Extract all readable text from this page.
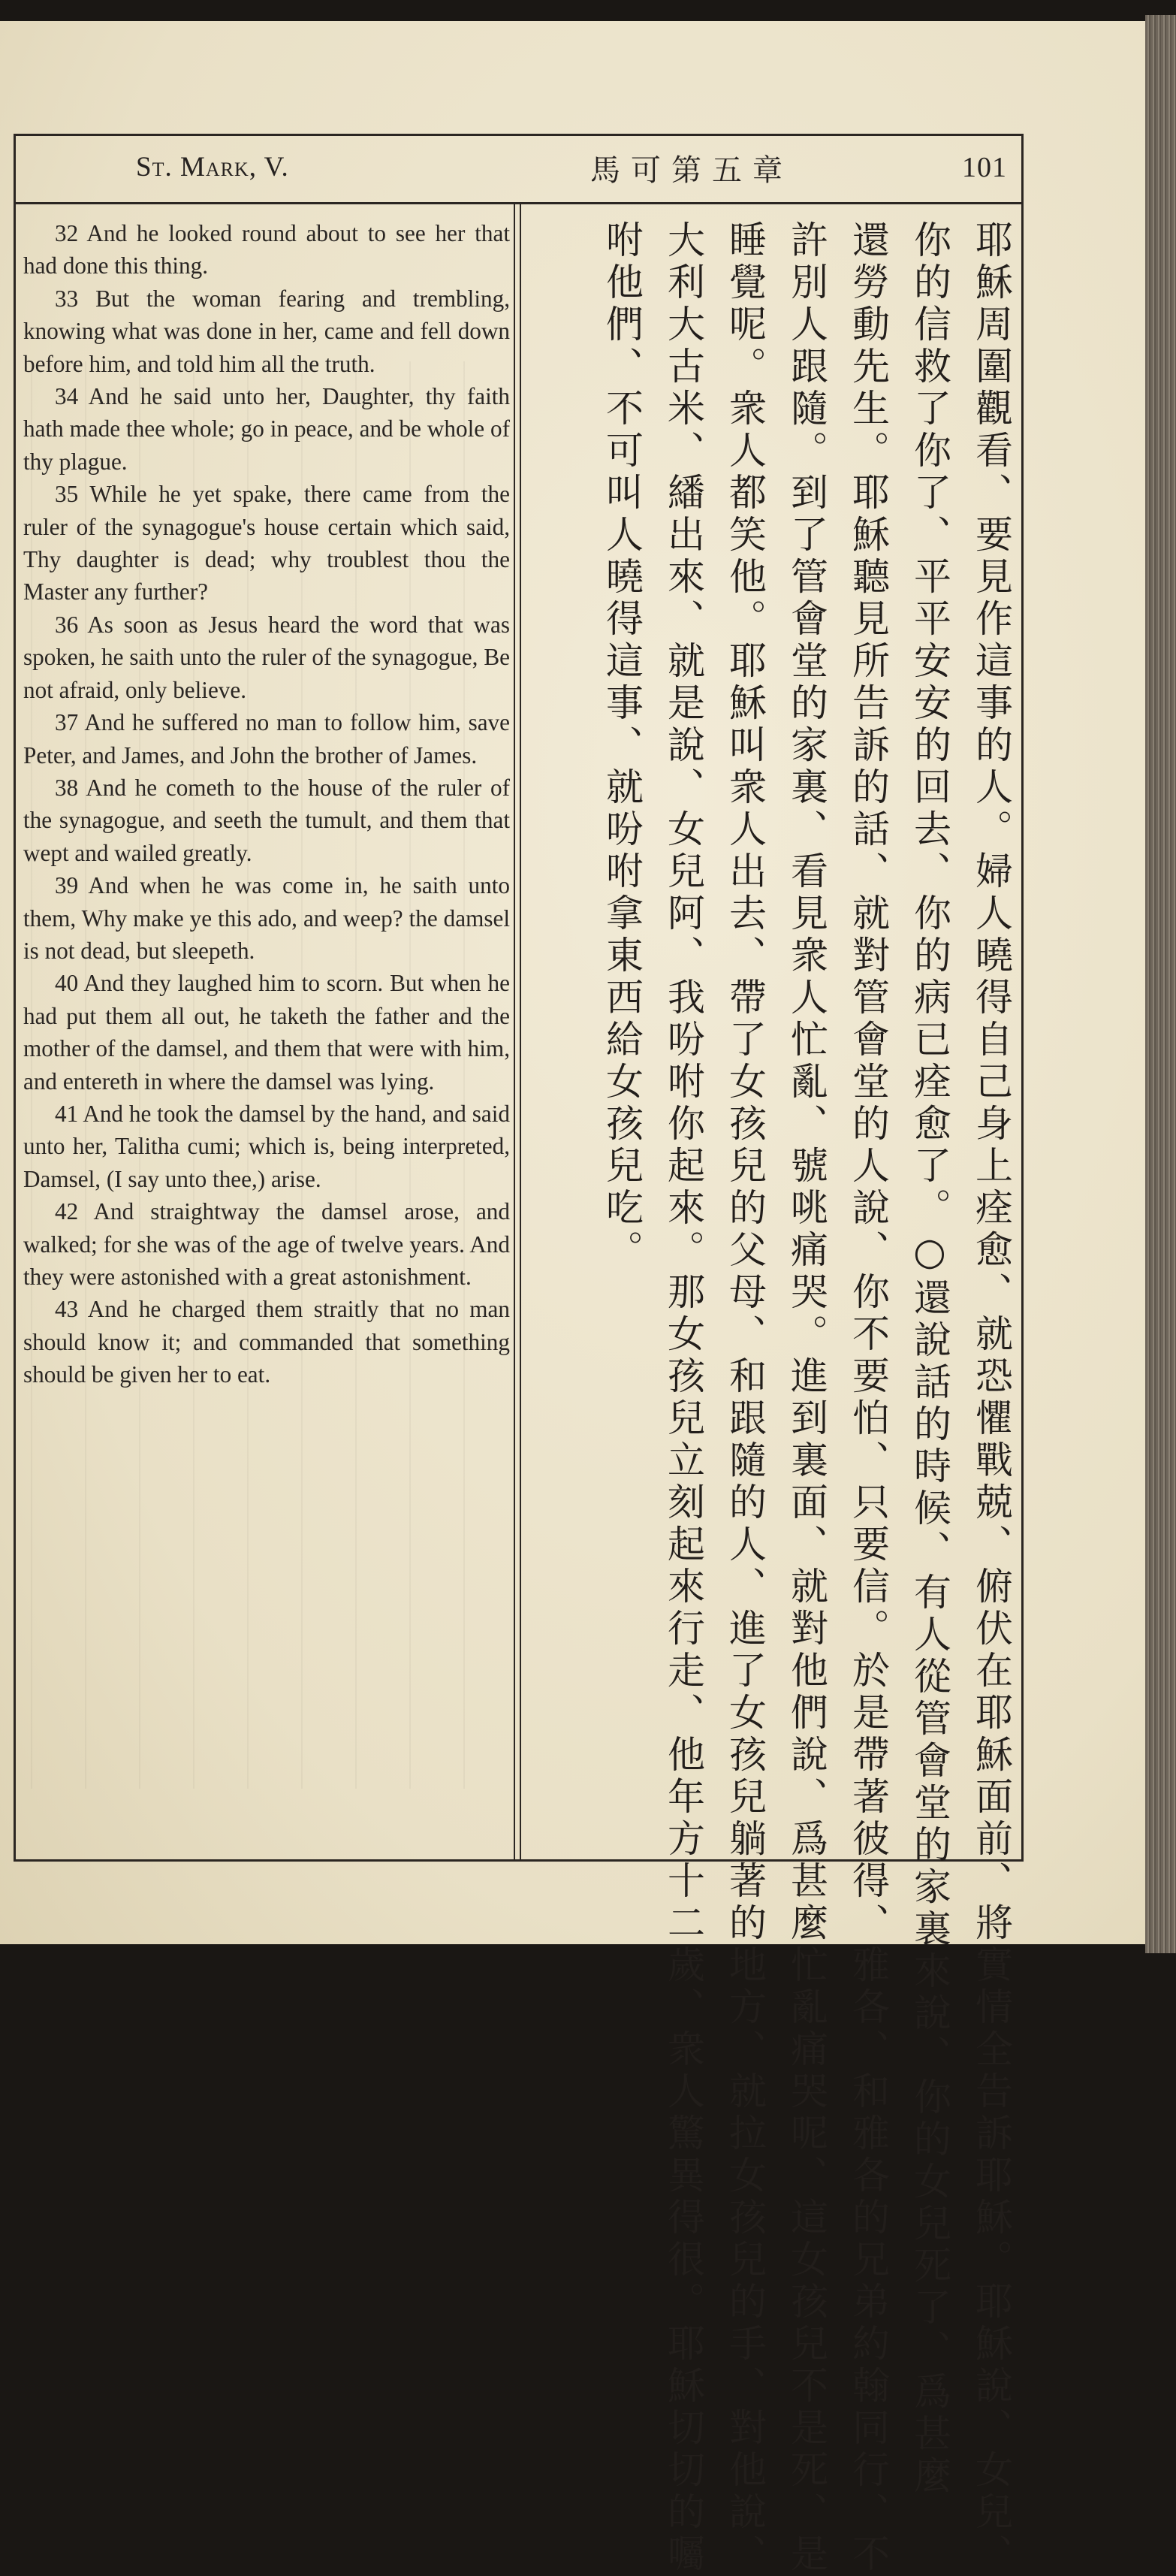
St. Mark, V.	馬可第五章	101

32 And he looked round about to see her that had done this thing.

33 But the woman fearing and trembling, knowing what was done in her, came and fell down before him, and told him all the truth.

34 And he said unto her, Daughter, thy faith hath made thee whole; go in peace, and be whole of thy plague.

35 While he yet spake, there came from the ruler of the synagogue's house certain which said, Thy daughter is dead; why troublest thou the Master any further?

36 As soon as Jesus heard the word that was spoken, he saith unto the ruler of the synagogue, Be not afraid, only believe.

37 And he suffered no man to follow him, save Peter, and James, and John the brother of James.

38 And he cometh to the house of the ruler of the synagogue, and seeth the tumult, and them that wept and wailed greatly.

39 And when he was come in, he saith unto them, Why make ye this ado, and weep? the damsel is not dead, but sleepeth.

40 And they laughed him to scorn. But when he had put them all out, he taketh the father and the mother of the damsel, and them that were with him, and entereth in where the damsel was lying.

41 And he took the damsel by the hand, and said unto her, Talitha cumi; which is, being interpreted, Damsel, (I say unto thee,) arise.

42 And straightway the damsel arose, and walked; for she was of the age of twelve years. And they were astonished with a great astonishment.

43 And he charged them straitly that no man should know it; and commanded that something should be given her to eat.	耶穌周圍觀看、要見作這事的人。婦人曉得自己身上痊愈、就恐懼戰兢、俯伏在耶穌面前、將實情全告訴耶穌。耶穌說、女兒、
你的信救了你了、平平安安的回去、你的病已痊愈了。○還說話的時候、有人從管會堂的家裏來說、你的女兒死了、爲甚麼
還勞動先生。耶穌聽見所告訴的話、就對管會堂的人說、你不要怕、只要信。於是帶著彼得、雅各、和雅各的兄弟約翰同行、不
許別人跟隨。到了管會堂的家裏、看見衆人忙亂、號咷痛哭。進到裏面、就對他們說、爲甚麼忙亂痛哭呢、這女孩兒不是死、是
睡覺呢。衆人都笑他。耶穌叫衆人出去、帶了女孩兒的父母、和跟隨的人、進了女孩兒躺著的地方、就拉女孩兒的手、對他說、
大利大古米、繙出來、就是說、女兒阿、我吩咐你起來。那女孩兒立刻起來行走、他年方十二歲、衆人驚異得很。耶穌切切的囑
咐他們、不可叫人曉得這事、就吩咐拿東西給女孩兒吃。
